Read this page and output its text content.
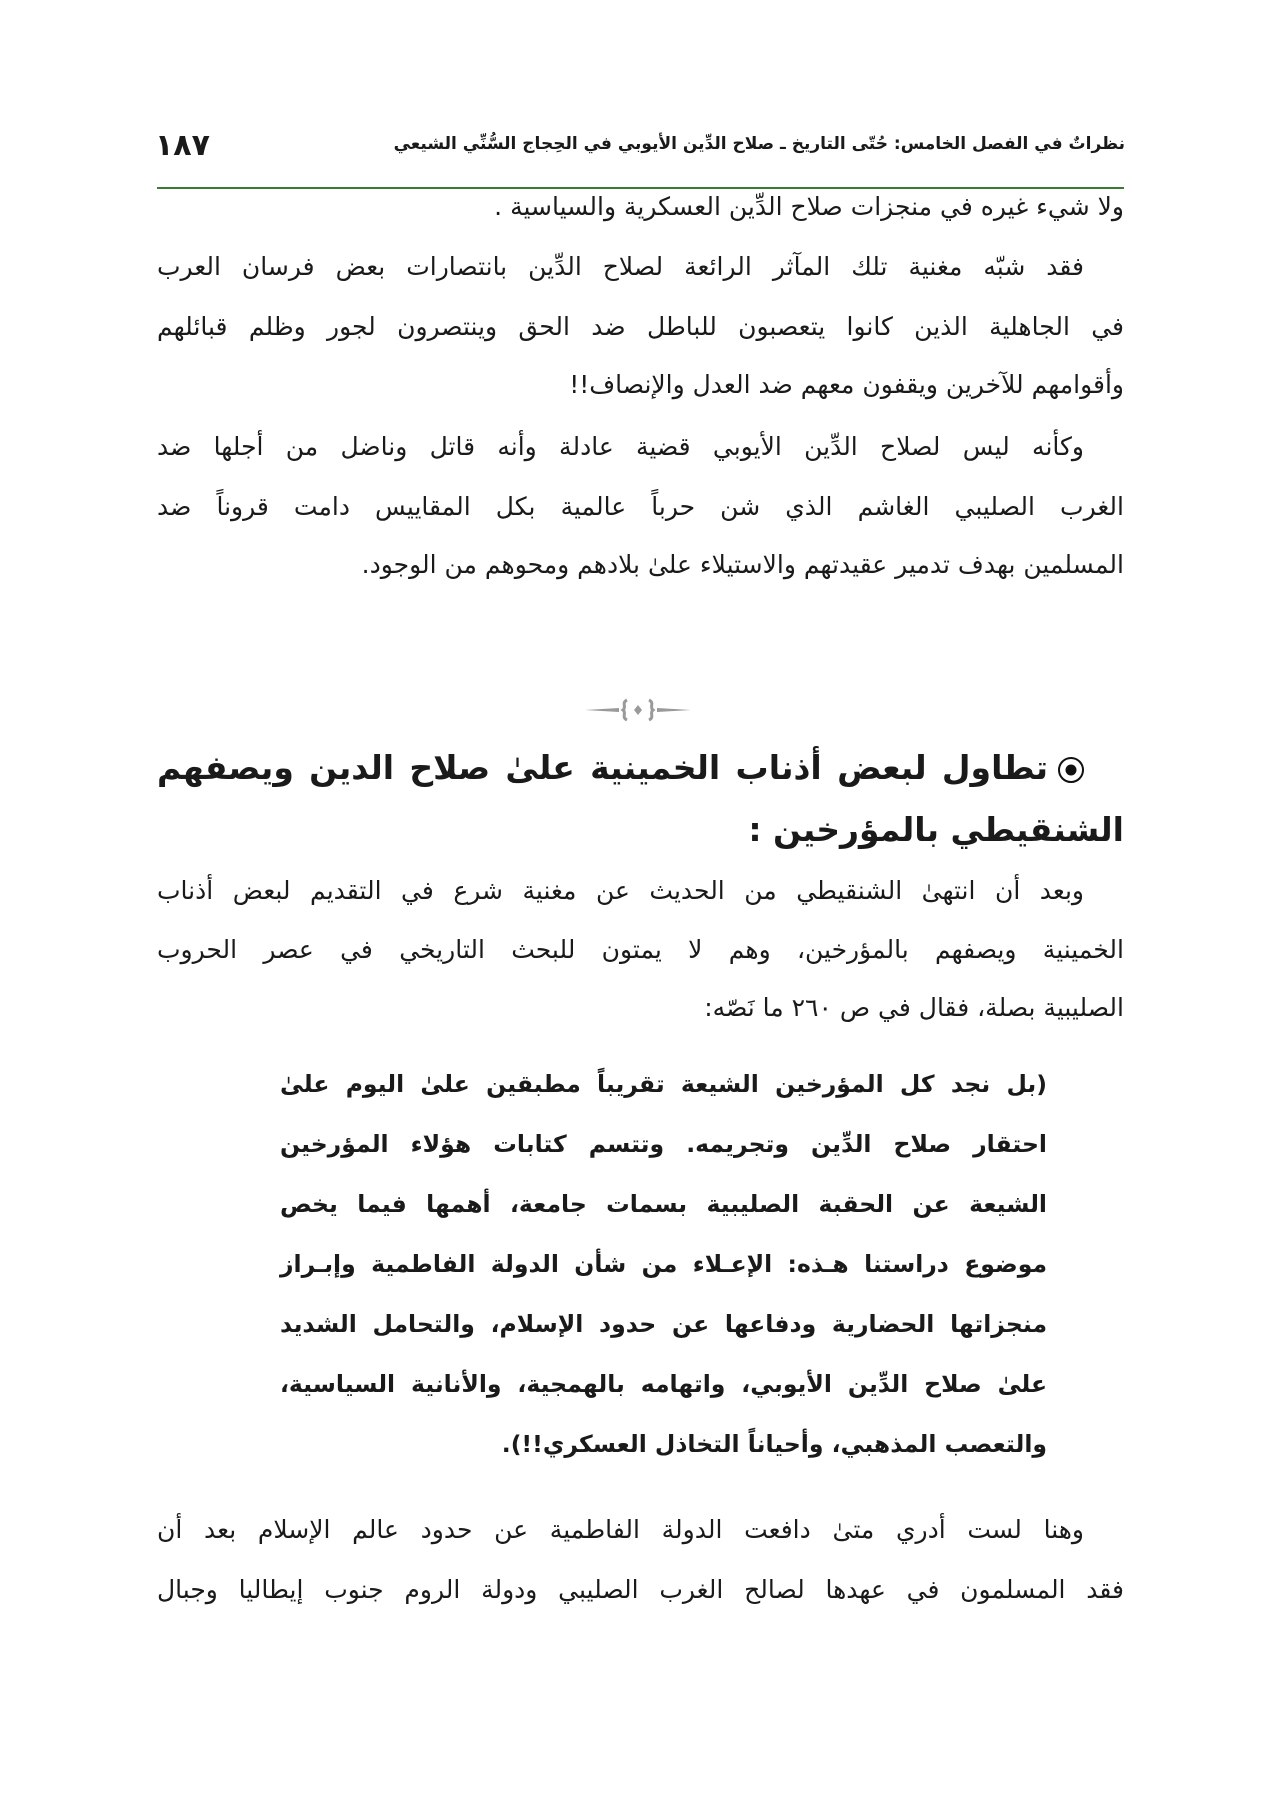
نظراتٌ في الفصل الخامس: حُتّى التاريخ ـ صلاح الدِّين الأيوبي في الحِجاج السُّنِّي الشيعي
١٨٧
ولا شيء غيره في منجزات صلاح الدِّين العسكرية والسياسية .
فقد شبّه مغنية تلك المآثر الرائعة لصلاح الدِّين بانتصارات بعض فرسان العرب
في الجاهلية الذين كانوا يتعصبون للباطل ضد الحق وينتصرون لجور وظلم قبائلهم
وأقوامهم للآخرين ويقفون معهم ضد العدل والإنصاف!!
وكأنه ليس لصلاح الدِّين الأيوبي قضية عادلة وأنه قاتل وناضل من أجلها ضد
الغرب الصليبي الغاشم الذي شن حرباً عالمية بكل المقاييس دامت قروناً ضد
المسلمين بهدف تدمير عقيدتهم والاستيلاء علىٰ بلادهم ومحوهم من الوجود.
تطاول لبعض أذناب الخمينية علىٰ صلاح الدين ويصفهم
الشنقيطي بالمؤرخين :
وبعد أن انتهىٰ الشنقيطي من الحديث عن مغنية شرع في التقديم لبعض أذناب
الخمينية ويصفهم بالمؤرخين، وهم لا يمتون للبحث التاريخي في عصر الحروب
الصليبية بصلة، فقال في ص ٢٦٠ ما نَصّه:
(بل نجد كل المؤرخين الشيعة تقريباً مطبقين علىٰ اليوم علىٰ
احتقار صلاح الدِّين وتجريمه. وتتسم كتابات هؤلاء المؤرخين
الشيعة عن الحقبة الصليبية بسمات جامعة، أهمها فيما يخص
موضوع دراستنا هـذه: الإعـلاء من شأن الدولة الفاطمية وإبـراز
منجزاتها الحضارية ودفاعها عن حدود الإسلام، والتحامل الشديد
علىٰ صلاح الدِّين الأيوبي، واتهامه بالهمجية، والأنانية السياسية،
والتعصب المذهبي، وأحياناً التخاذل العسكري!!).
وهنا لست أدري متىٰ دافعت الدولة الفاطمية عن حدود عالم الإسلام بعد أن
فقد المسلمون في عهدها لصالح الغرب الصليبي ودولة الروم جنوب إيطاليا وجبال
